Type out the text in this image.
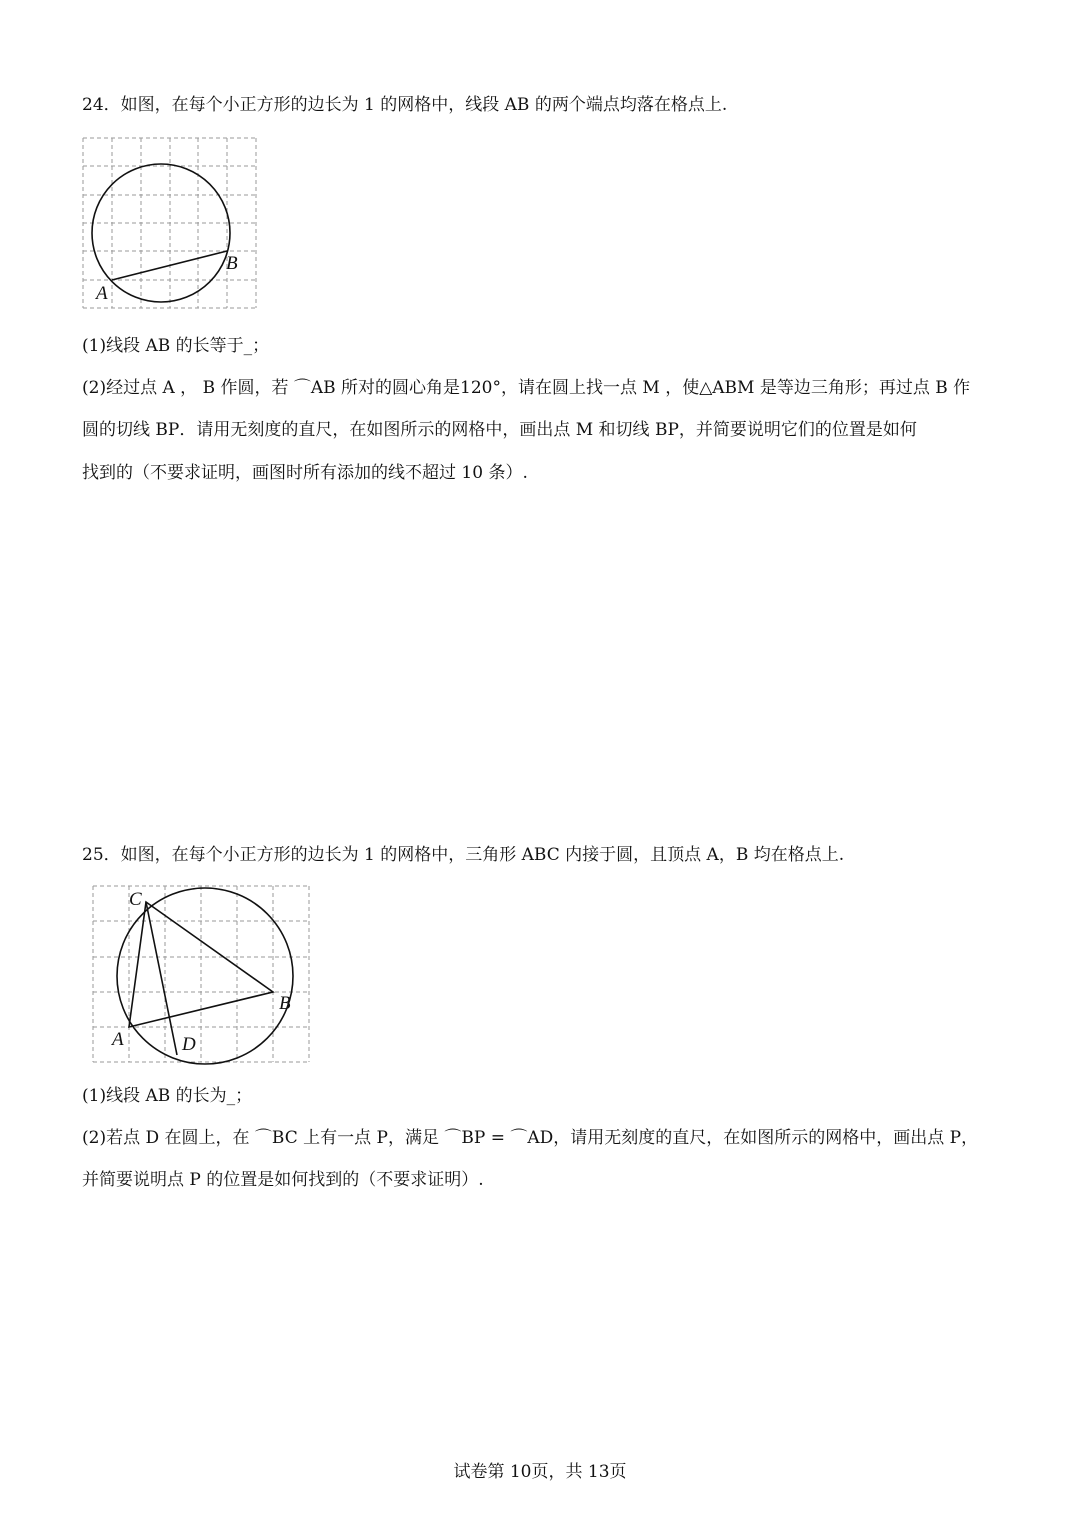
24．如图，在每个小正方形的边长为 1 的网格中，线段 AB 的两个端点均落在格点上.
A
B
(1)线段 AB 的长等于_；
(2)经过点 A ， B 作圆，若 ⌒AB 所对的圆心角是120°，请在圆上找一点 M ，使△ABM 是等边三角形；再过点 B 作
圆的切线 BP．请用无刻度的直尺，在如图所示的网格中，画出点 M 和切线 BP，并简要说明它们的位置是如何
找到的（不要求证明，画图时所有添加的线不超过 10 条）.
25．如图，在每个小正方形的边长为 1 的网格中，三角形 ABC 内接于圆，且顶点 A，B 均在格点上.
C
A
B
D
(1)线段 AB 的长为_；
(2)若点 D 在圆上，在 ⌒BC 上有一点 P，满足 ⌒BP = ⌒AD，请用无刻度的直尺，在如图所示的网格中，画出点 P，
并简要说明点 P 的位置是如何找到的（不要求证明）.
试卷第 10页，共 13页
